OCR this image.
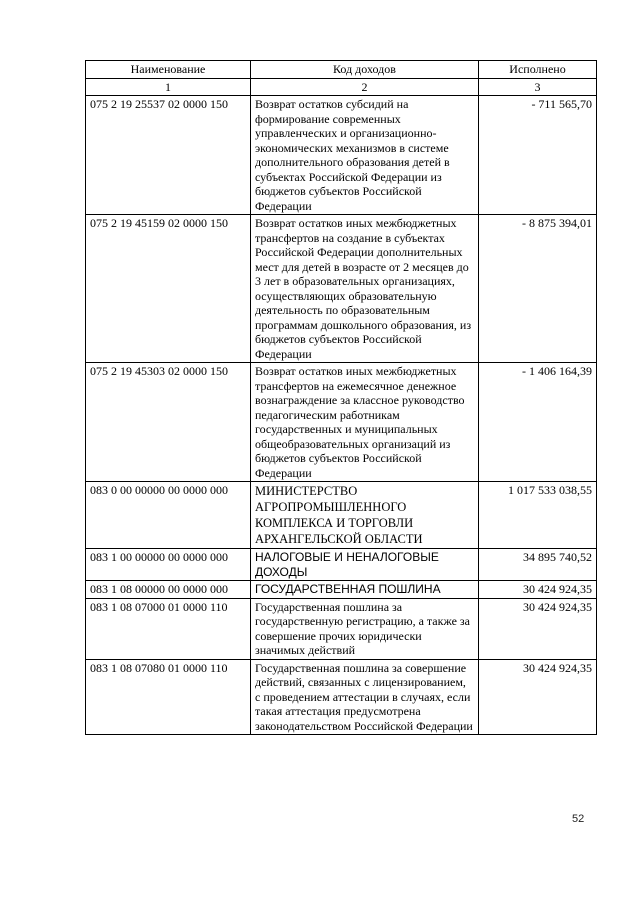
Наименование	Код доходов	Исполнено
1	2	3
075 2 19 25537 02 0000 150	Возврат остатков субсидий на формирование современных управленческих и организационно-экономических механизмов в системе дополнительного образования детей в субъектах Российской Федерации из бюджетов субъектов Российской Федерации	- 711 565,70
075 2 19 45159 02 0000 150	Возврат остатков иных межбюджетных трансфертов на создание в субъектах Российской Федерации дополнительных мест для детей в возрасте от 2 месяцев до 3 лет в образовательных организациях, осуществляющих образовательную деятельность по образовательным программам дошкольного образования, из бюджетов субъектов Российской Федерации	- 8 875 394,01
075 2 19 45303 02 0000 150	Возврат остатков иных межбюджетных трансфертов на ежемесячное денежное вознаграждение за классное руководство педагогическим работникам государственных и муниципальных общеобразовательных организаций из бюджетов субъектов Российской Федерации	- 1 406 164,39
083 0 00 00000 00 0000 000	МИНИСТЕРСТВО АГРОПРОМЫШЛЕННОГО КОМПЛЕКСА И ТОРГОВЛИ АРХАНГЕЛЬСКОЙ ОБЛАСТИ	1 017 533 038,55
083 1 00 00000 00 0000 000	НАЛОГОВЫЕ И НЕНАЛОГОВЫЕ ДОХОДЫ	34 895 740,52
083 1 08 00000 00 0000 000	ГОСУДАРСТВЕННАЯ ПОШЛИНА	30 424 924,35
083 1 08 07000 01 0000 110	Государственная пошлина за государственную регистрацию, а также за совершение прочих юридически значимых действий	30 424 924,35
083 1 08 07080 01 0000 110	Государственная пошлина за совершение действий, связанных с лицензированием, с проведением аттестации в случаях, если такая аттестация предусмотрена законодательством Российской Федерации	30 424 924,35
52
